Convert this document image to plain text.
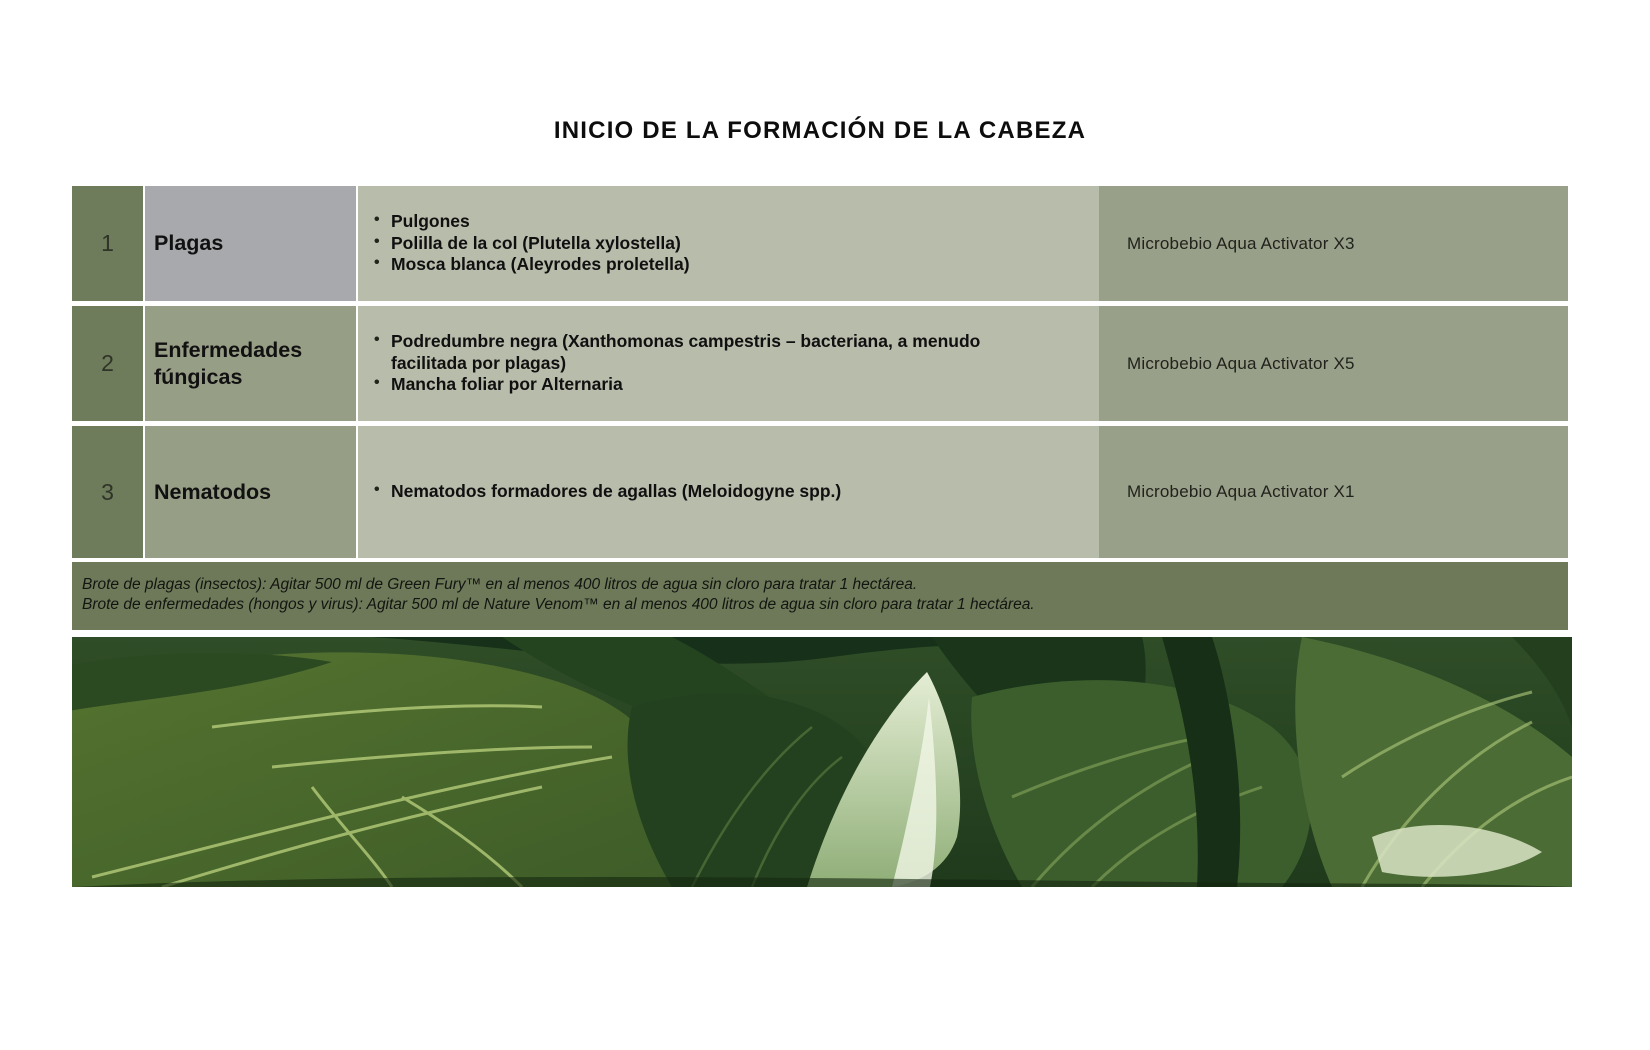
INICIO DE LA FORMACIÓN DE LA CABEZA
1 Plagas
• Pulgones
• Polilla de la col (Plutella xylostella)
• Mosca blanca (Aleyrodes proletella)
Microbebio Aqua Activator X3
2
Enfermedades fúngicas
• Podredumbre negra (Xanthomonas campestris – bacteriana, a menudo facilitada por plagas)
• Mancha foliar por Alternaria
Microbebio Aqua Activator X5
3 Nematodos	• Nematodos formadores de agallas (Meloidogyne spp.)	Microbebio Aqua Activator X1

Brote de plagas (insectos): Agitar 500 ml de Green Fury™ en al menos 400 litros de agua sin cloro para tratar 1 hectárea.

Brote de enfermedades (hongos y virus): Agitar 500 ml de Nature Venom™ en al menos 400 litros de agua sin cloro para tratar 1 hectárea.
